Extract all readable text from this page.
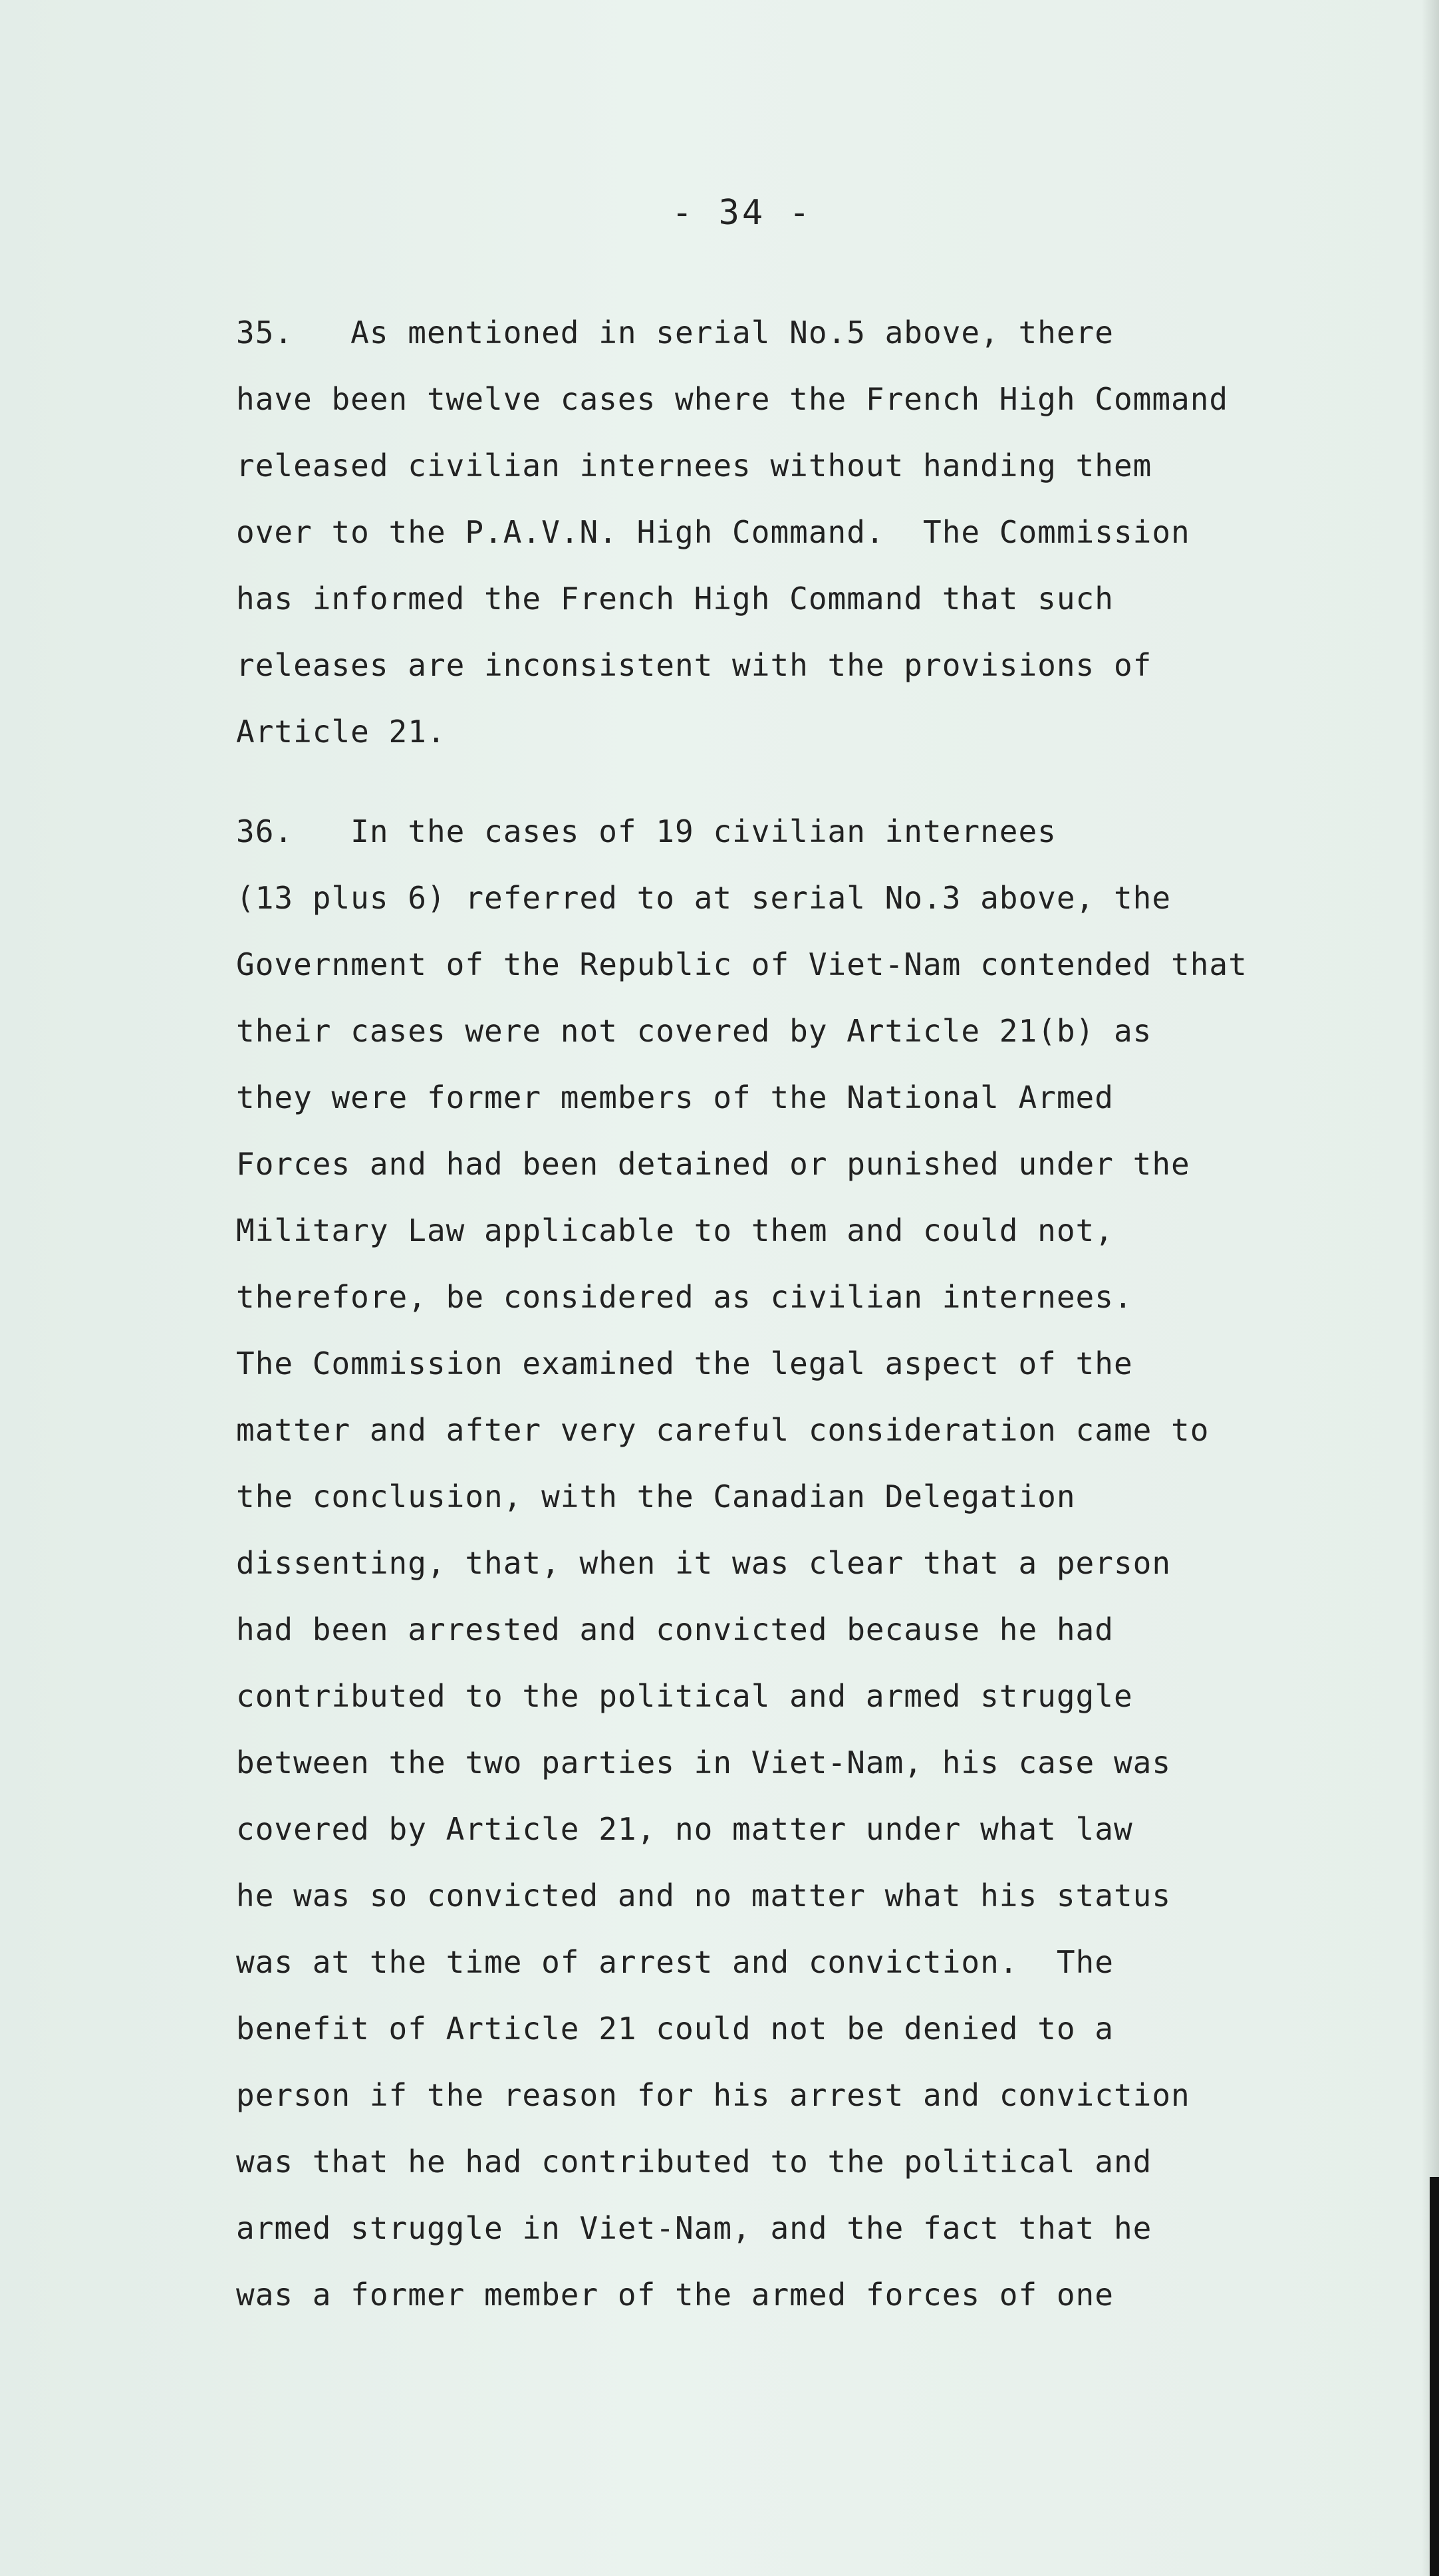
- 34 -
35.   As mentioned in serial No.5 above, there
have been twelve cases where the French High Command
released civilian internees without handing them
over to the P.A.V.N. High Command.  The Commission
has informed the French High Command that such
releases are inconsistent with the provisions of
Article 21.
36.   In the cases of 19 civilian internees
(13 plus 6) referred to at serial No.3 above, the
Government of the Republic of Viet-Nam contended that
their cases were not covered by Article 21(b) as
they were former members of the National Armed
Forces and had been detained or punished under the
Military Law applicable to them and could not,
therefore, be considered as civilian internees.
The Commission examined the legal aspect of the
matter and after very careful consideration came to
the conclusion, with the Canadian Delegation
dissenting, that, when it was clear that a person
had been arrested and convicted because he had
contributed to the political and armed struggle
between the two parties in Viet-Nam, his case was
covered by Article 21, no matter under what law
he was so convicted and no matter what his status
was at the time of arrest and conviction.  The
benefit of Article 21 could not be denied to a
person if the reason for his arrest and conviction
was that he had contributed to the political and
armed struggle in Viet-Nam, and the fact that he
was a former member of the armed forces of one
